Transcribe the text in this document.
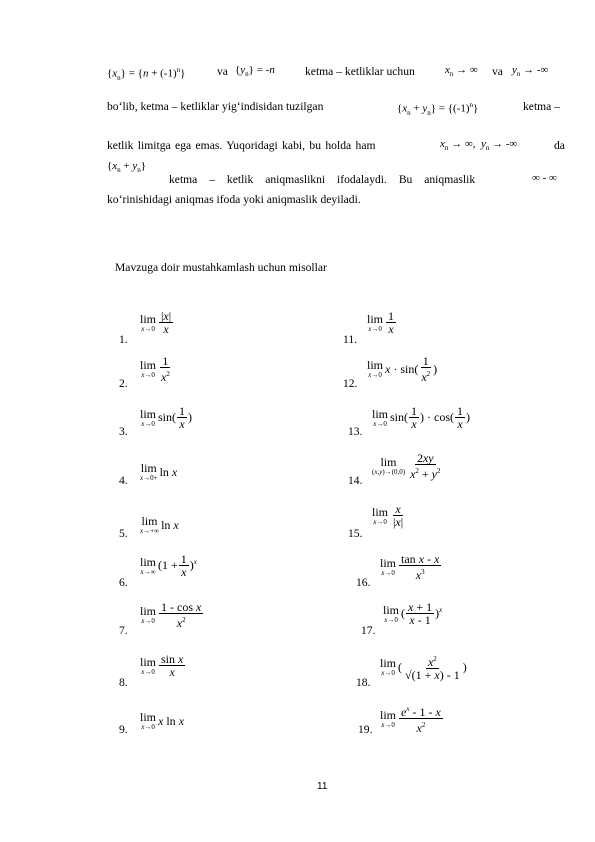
$\{x_n\} = \{n + (-1)^n\}$	va $\{y_n\} = -n$	ketma – ketliklar uchun	$x_n$ → ∞ va $y_n$ → -∞
bo‘lib, ketma – ketliklar yig‘indisidan tuzilgan	$\{x_n + y_n\} = \{(-1)^n\}$	ketma –
ketlik limitga ega emas. Yuqoridagi kabi, bu holda ham	$x_n$ → ∞,  $y_n$ → -∞	da
$\{x_n + y_n\}$
ketma – ketlik aniqmaslikni ifodalaydi. Bu aniqmaslik	∞ - ∞
ko‘rinishidagi aniqmas ifoda yoki aniqmaslik deyiladi.
Mavzuga doir mustahkamlash uchun misollar
1.
lim
$x\to 0 \frac{|x|}{x}$
2.
lim
$x\to 0 \frac{1}{x^2}$
3.
lim
x→0 $\sin( \frac{1}{x}$ )
4.
lim
x→0+ ln x
5.
lim
x→+∞ ln x
6.
lim
x→∞ $(1 + \frac{1}{x} )^x$
7.
lim
$x\to 0 \frac{\text{1 - cos x}}{x^2}$
8.
lim
$x\to 0 \frac{\text{sin x}}{x}$
9.
lim
x→0 x ln x
11.
lim
$x\to 0 \frac{1}{x}$
12.
lim
x→0 $x \cdot \sin( \frac{1}{x^2}$ )
13.
lim
x→0 $\sin( \frac{1}{x}$ ) · $\cos( \frac{1}{x}$ )
14.
lim
$(x,y)\to(0,0) \frac{2xy}{x^2 + y^2}$
15.
lim
$x\to 0 \frac{x}{|x|}$
16.
lim
$x\to 0 \frac{\text{tan x - x}}{x^3}$
17.
lim
x→0 ( $\frac{x + 1}{x - 1} )^x$
18.
lim
x→0 ( $\frac{x^2}{√(1 + x) - 1}$ )
19.
lim
$x\to 0 \frac{e^x - 1 - x}{x^2}$
11
